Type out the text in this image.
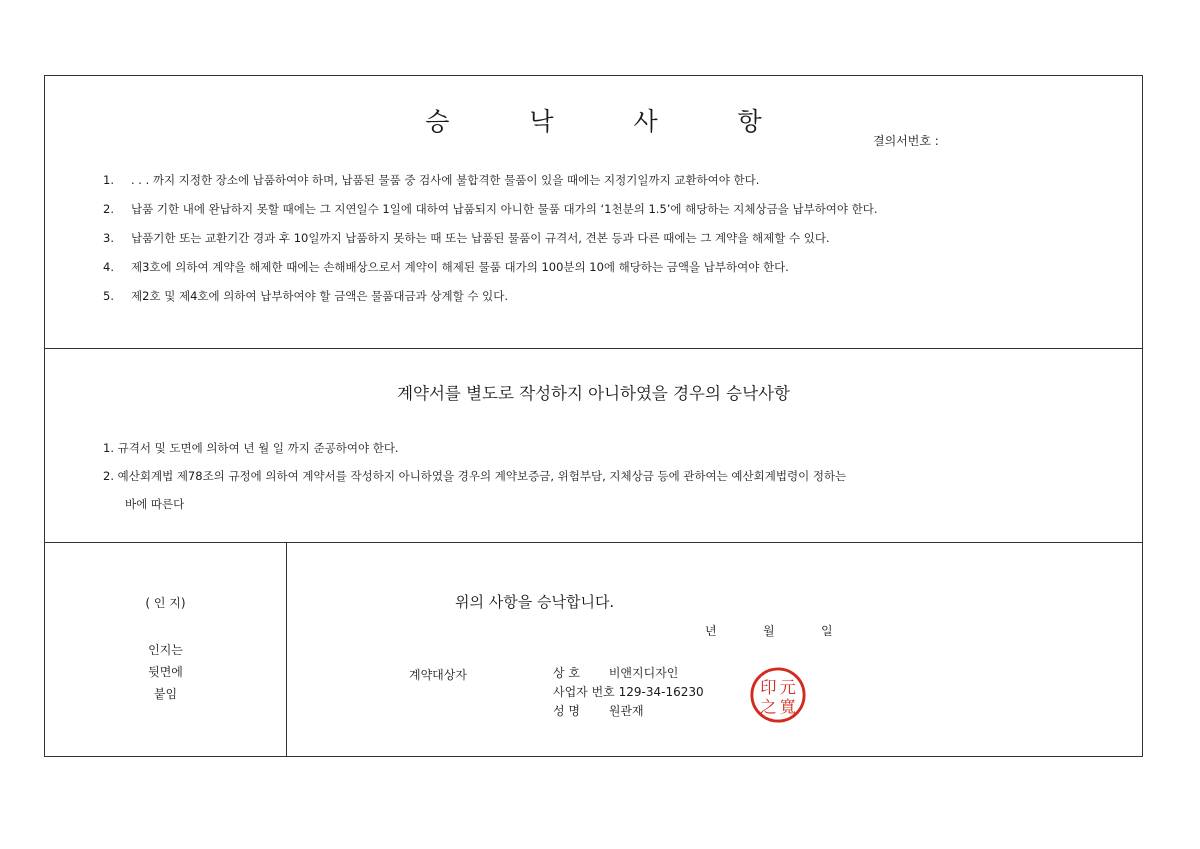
승 낙 사 항
결의서번호 :
1. . . . 까지 지정한 장소에 납품하여야 하며, 납품된 물품 중 검사에 불합격한 물품이 있을 때에는 지정기일까지 교환하여야 한다.
2. 납품 기한 내에 완납하지 못할 때에는 그 지연일수 1일에 대하여 납품되지 아니한 물품 대가의 ‘1천분의 1.5’에 해당하는 지체상금을 납부하여야 한다.
3. 납품기한 또는 교환기간 경과 후 10일까지 납품하지 못하는 때 또는 납품된 물품이 규격서, 견본 등과 다른 때에는 그 계약을 해제할 수 있다.
4. 제3호에 의하여 계약을 해제한 때에는 손해배상으로서 계약이 해제된 물품 대가의 100분의 10에 해당하는 금액을 납부하여야 한다.
5. 제2호 및 제4호에 의하여 납부하여야 할 금액은 물품대금과 상계할 수 있다.
계약서를 별도로 작성하지 아니하였을 경우의 승낙사항
1. 규격서 및 도면에 의하여 년 월 일 까지 준공하여야 한다.
2. 예산회계법 제78조의 규정에 의하여 계약서를 작성하지 아니하였을 경우의 계약보증금, 위험부담, 지체상금 등에 관하여는 예산회계법령이 정하는
바에 따른다
( 인 지)
인지는
뒷면에
붙임
위의 사항을 승낙합니다.
년	월	일
계약대상자	상 호 비앤지디자인
사업자 번호 129-34-16230
성 명 원관재
印 元
之 寬
